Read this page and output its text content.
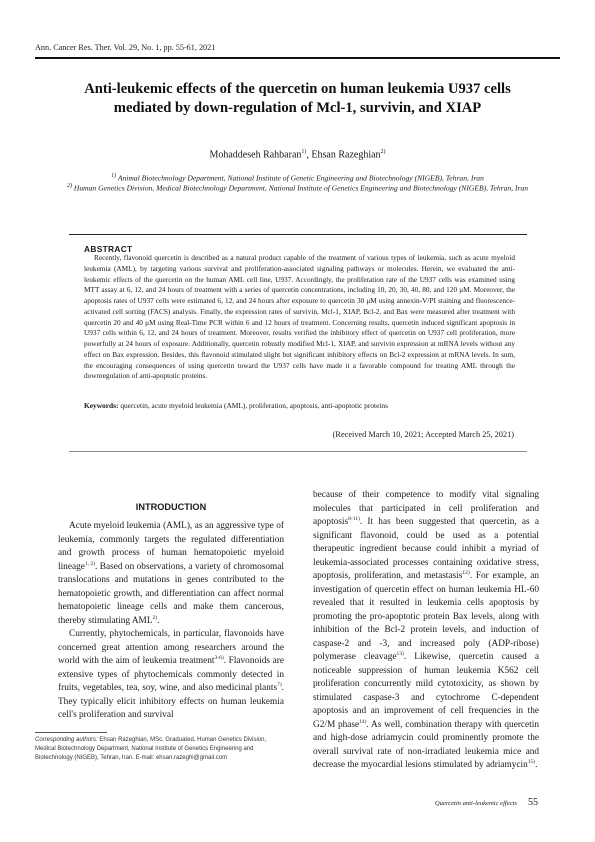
Ann. Cancer Res. Ther. Vol. 29, No. 1, pp. 55-61, 2021
Anti-leukemic effects of the quercetin on human leukemia U937 cells
mediated by down-regulation of Mcl-1, survivin, and XIAP
Mohaddeseh Rahbaran$^{1)}$, Ehsan Razeghian$^{2)}$
$^{1)}$ Animal Biotechnology Department, National Institute of Genetic Engineering and Biotechnology (NIGEB), Tehran, Iran
$^{2)}$ Human Genetics Division, Medical Biotechnology Department, National Institute of Genetics Engineering and Biotechnology (NIGEB), Tehran, Iran
ABSTRACT

Recently, flavonoid quercetin is described as a natural product capable of the treatment of various types of leukemia, such as acute myeloid leukemia (AML), by targeting various survival and proliferation-associated signaling pathways or molecules. Herein, we evaluated the anti-leukemic effects of the quercetin on the human AML cell line, U937. Accordingly, the proliferation rate of the U937 cells was examined using MTT assay at 6, 12, and 24 hours of treatment with a series of quercetin concentrations, including 10, 20, 30, 40, 80, and 120 μM. Moreover, the apoptosis rates of U937 cells were estimated 6, 12, and 24 hours after exposure to quercetin 30 μM using annexin-V/PI staining and fluorescence-activated cell sorting (FACS) analysis. Finally, the expression rates of survivin, Mcl-1, XIAP, Bcl-2, and Bax were measured after treatment with quercetin 20 and 40 μM using Real-Time PCR within 6 and 12 hours of treatment. Concerning results, quercetin induced significant apoptosis in U937 cells within 6, 12, and 24 hours of treatment. Moreover, results verified the inhibitory effect of quercetin on U937 cell proliferation, more powerfully at 24 hours of exposure. Additionally, quercetin robustly modified Mcl-1, XIAP, and survivin expression at mRNA levels without any effect on Bax expression. Besides, this flavonoid stimulated slight but significant inhibitory effects on Bcl-2 expression at mRNA levels. In sum, the encouraging consequences of using quercetin toward the U937 cells have made it a favorable compound for treating AML through the downregulation of anti-apoptotic proteins.

Keywords: quercetin, acute myeloid leukemia (AML), proliferation, apoptosis, anti-apoptotic proteins
(Received March 10, 2021; Accepted March 25, 2021)
INTRODUCTION

Acute myeloid leukemia (AML), as an aggressive type of leukemia, commonly targets the regulated differentiation and growth process of human hematopoietic myeloid lineage$^{1, 2)}$. Based on observations, a variety of chromosomal translocations and mutations in genes contributed to the hematopoietic growth, and differentiation can affect normal hematopoietic lineage cells and make them cancerous, thereby stimulating AML$^{2)}$.

Currently, phytochemicals, in particular, flavonoids have concerned great attention among researchers around the world with the aim of leukemia treatment$^{3-6)}$. Flavonoids are extensive types of phytochemicals commonly detected in fruits, vegetables, tea, soy, wine, and also medicinal plants$^{7)}$. They typically elicit inhibitory effects on human leukemia cell's proliferation and survival

because of their competence to modify vital signaling molecules that participated in cell proliferation and apoptosis$^{8-11)}$. It has been suggested that quercetin, as a significant flavonoid, could be used as a potential therapeutic ingredient because could inhibit a myriad of leukemia-associated processes containing oxidative stress, apoptosis, proliferation, and metastasis$^{12)}$. For example, an investigation of quercetin effect on human leukemia HL-60 revealed that it resulted in leukemia cells apoptosis by promoting the pro-apoptotic protein Bax levels, along with inhibition of the Bcl-2 protein levels, and induction of caspase-2 and -3, and increased poly (ADP-ribose) polymerase cleavage$^{13)}$. Likewise, quercetin caused a noticeable suppression of human leukemia K562 cell proliferation concurrently mild cytotoxicity, as shown by stimulated caspase-3 and cytochrome C-dependent apoptosis and an improvement of cell frequencies in the G2/M phase$^{14)}$. As well, combination therapy with quercetin and high-dose adriamycin could prominently promote the overall survival rate of non-irradiated leukemia mice and decrease the myocardial lesions stimulated by adriamycin$^{15)}$.

Corresponding authors: Ehsan Razeghian, MSc. Graduated, Human Genetics Division, Medical Biotechnology Department, National Institute of Genetics Engineering and Biotechnology (NIGEB), Tehran, Iran. E-mail: ehsan.razeghi@gmail.com
Quercetin anti-leukemic effects 55
